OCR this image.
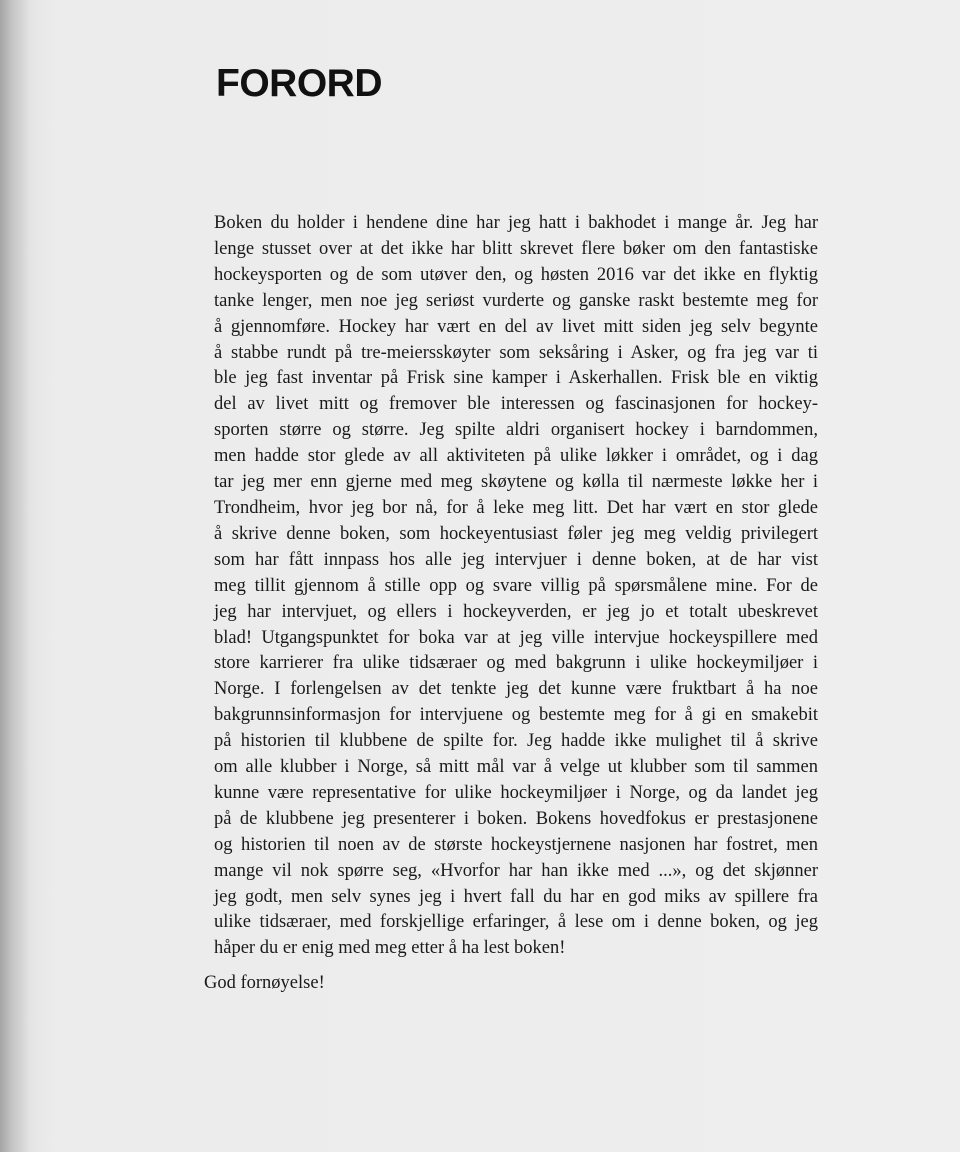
FORORD
Boken du holder i hendene dine har jeg hatt i bakhodet i mange år. Jeg har
lenge stusset over at det ikke har blitt skrevet flere bøker om den fantastiske
hockeysporten og de som utøver den, og høsten 2016 var det ikke en flyktig
tanke lenger, men noe jeg seriøst vurderte og ganske raskt bestemte meg for
å gjennomføre. Hockey har vært en del av livet mitt siden jeg selv begynte
å stabbe rundt på tre-meiersskøyter som seksåring i Asker, og fra jeg var ti
ble jeg fast inventar på Frisk sine kamper i Askerhallen. Frisk ble en viktig
del av livet mitt og fremover ble interessen og fascinasjonen for hockey-
sporten større og større. Jeg spilte aldri organisert hockey i barndommen,
men hadde stor glede av all aktiviteten på ulike løkker i området, og i dag
tar jeg mer enn gjerne med meg skøytene og kølla til nærmeste løkke her i
Trondheim, hvor jeg bor nå, for å leke meg litt. Det har vært en stor glede
å skrive denne boken, som hockeyentusiast føler jeg meg veldig privilegert
som har fått innpass hos alle jeg intervjuer i denne boken, at de har vist
meg tillit gjennom å stille opp og svare villig på spørsmålene mine. For de
jeg har intervjuet, og ellers i hockeyverden, er jeg jo et totalt ubeskrevet
blad! Utgangspunktet for boka var at jeg ville intervjue hockeyspillere med
store karrierer fra ulike tidsæraer og med bakgrunn i ulike hockeymiljøer i
Norge. I forlengelsen av det tenkte jeg det kunne være fruktbart å ha noe
bakgrunnsinformasjon for intervjuene og bestemte meg for å gi en smakebit
på historien til klubbene de spilte for. Jeg hadde ikke mulighet til å skrive
om alle klubber i Norge, så mitt mål var å velge ut klubber som til sammen
kunne være representative for ulike hockeymiljøer i Norge, og da landet jeg
på de klubbene jeg presenterer i boken. Bokens hovedfokus er prestasjonene
og historien til noen av de største hockeystjernene nasjonen har fostret, men
mange vil nok spørre seg, «Hvorfor har han ikke med ...», og det skjønner
jeg godt, men selv synes jeg i hvert fall du har en god miks av spillere fra
ulike tidsæraer, med forskjellige erfaringer, å lese om i denne boken, og jeg
håper du er enig med meg etter å ha lest boken!

God fornøyelse!
